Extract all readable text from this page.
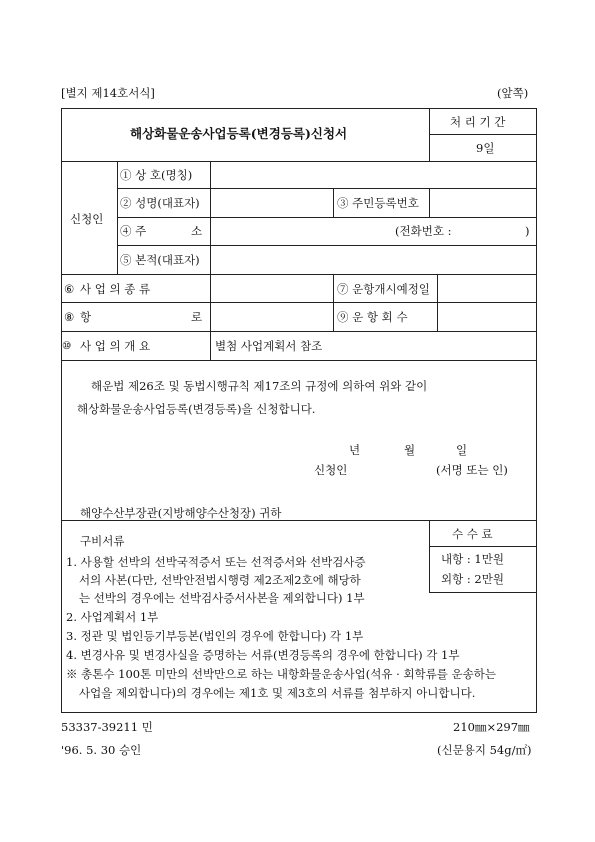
[별지 제14호서식]	(앞쪽)
해상화물운송사업등록(변경등록)신청서
처 리 기 간
9일
신청인
① 상 호(명칭)
② 성명(대표자)	③ 주민등록번호
④ 주	소	(전화번호 :	)
⑤ 본적(대표자)
⑥ 사 업 의 종 류	⑦ 운항개시예정일
⑧ 항	로	⑨ 운 항 회 수
⑩ 사 업 의 개 요	별첨 사업계획서 참조
해운법 제26조 및 동법시행규칙 제17조의 규정에 의하여 위와 같이
해상화물운송사업등록(변경등록)을 신청합니다.
년	월	일
신청인	(서명 또는 인)
해양수산부장관(지방해양수산청장) 귀하
구비서류
1. 사용할 선박의 선박국적증서 또는 선적증서와 선박검사증
서의 사본(다만, 선박안전법시행령 제2조제2호에 해당하
는 선박의 경우에는 선박검사증서사본을 제외합니다) 1부
2. 사업계획서 1부
3. 정관 및 법인등기부등본(법인의 경우에 한합니다) 각 1부
4. 변경사유 및 변경사실을 증명하는 서류(변경등록의 경우에 한합니다) 각 1부
※ 총톤수 100톤 미만의 선박만으로 하는 내항화물운송사업(석유 · 회학류를 운송하는
사업을 제외합니다)의 경우에는 제1호 및 제3호의 서류를 첨부하지 아니합니다.
수 수 료
내항 : 1만원
외항 : 2만원
53337-39211 민	210㎜×297㎜
'96. 5. 30 승인	(신문용지 54g/㎡)
